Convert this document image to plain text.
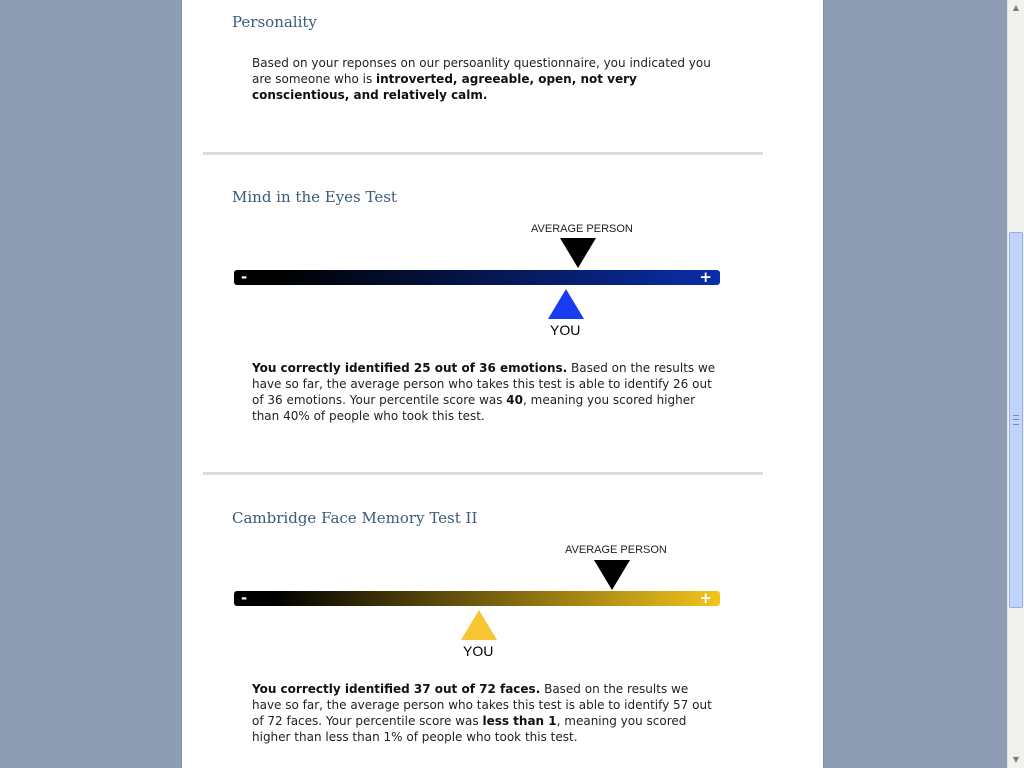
Personality

Based on your reponses on our persoanlity questionnaire, you indicated you are someone who is introverted, agreeable, open, not very conscientious, and relatively calm.

Mind in the Eyes Test
AVERAGE PERSON
-	+
YOU

You correctly identified 25 out of 36 emotions. Based on the results we have so far, the average person who takes this test is able to identify 26 out of 36 emotions. Your percentile score was 40, meaning you scored higher than 40% of people who took this test.

Cambridge Face Memory Test II
AVERAGE PERSON
-	+
YOU

You correctly identified 37 out of 72 faces. Based on the results we have so far, the average person who takes this test is able to identify 57 out of 72 faces. Your percentile score was less than 1, meaning you scored higher than less than 1% of people who took this test.

▲
▼
